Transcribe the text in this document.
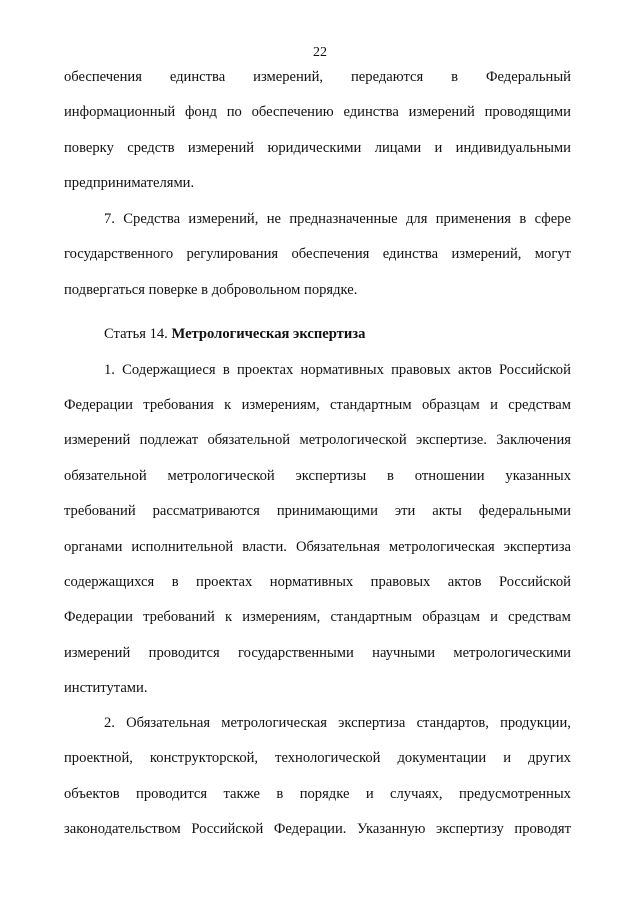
22
обеспечения единства измерений, передаются в Федеральный
информационный фонд по обеспечению единства измерений проводящими
поверку средств измерений юридическими лицами и индивидуальными
предпринимателями.
7. Средства измерений, не предназначенные для применения в сфере
государственного регулирования обеспечения единства измерений, могут
подвергаться поверке в добровольном порядке.
Статья 14. Метрологическая экспертиза
1. Содержащиеся в проектах нормативных правовых актов Российской
Федерации требования к измерениям, стандартным образцам и средствам
измерений подлежат обязательной метрологической экспертизе. Заключения
обязательной метрологической экспертизы в отношении указанных
требований рассматриваются принимающими эти акты федеральными
органами исполнительной власти. Обязательная метрологическая экспертиза
содержащихся в проектах нормативных правовых актов Российской
Федерации требований к измерениям, стандартным образцам и средствам
измерений проводится государственными научными метрологическими
институтами.
2. Обязательная метрологическая экспертиза стандартов, продукции,
проектной, конструкторской, технологической документации и других
объектов проводится также в порядке и случаях, предусмотренных
законодательством Российской Федерации. Указанную экспертизу проводят
